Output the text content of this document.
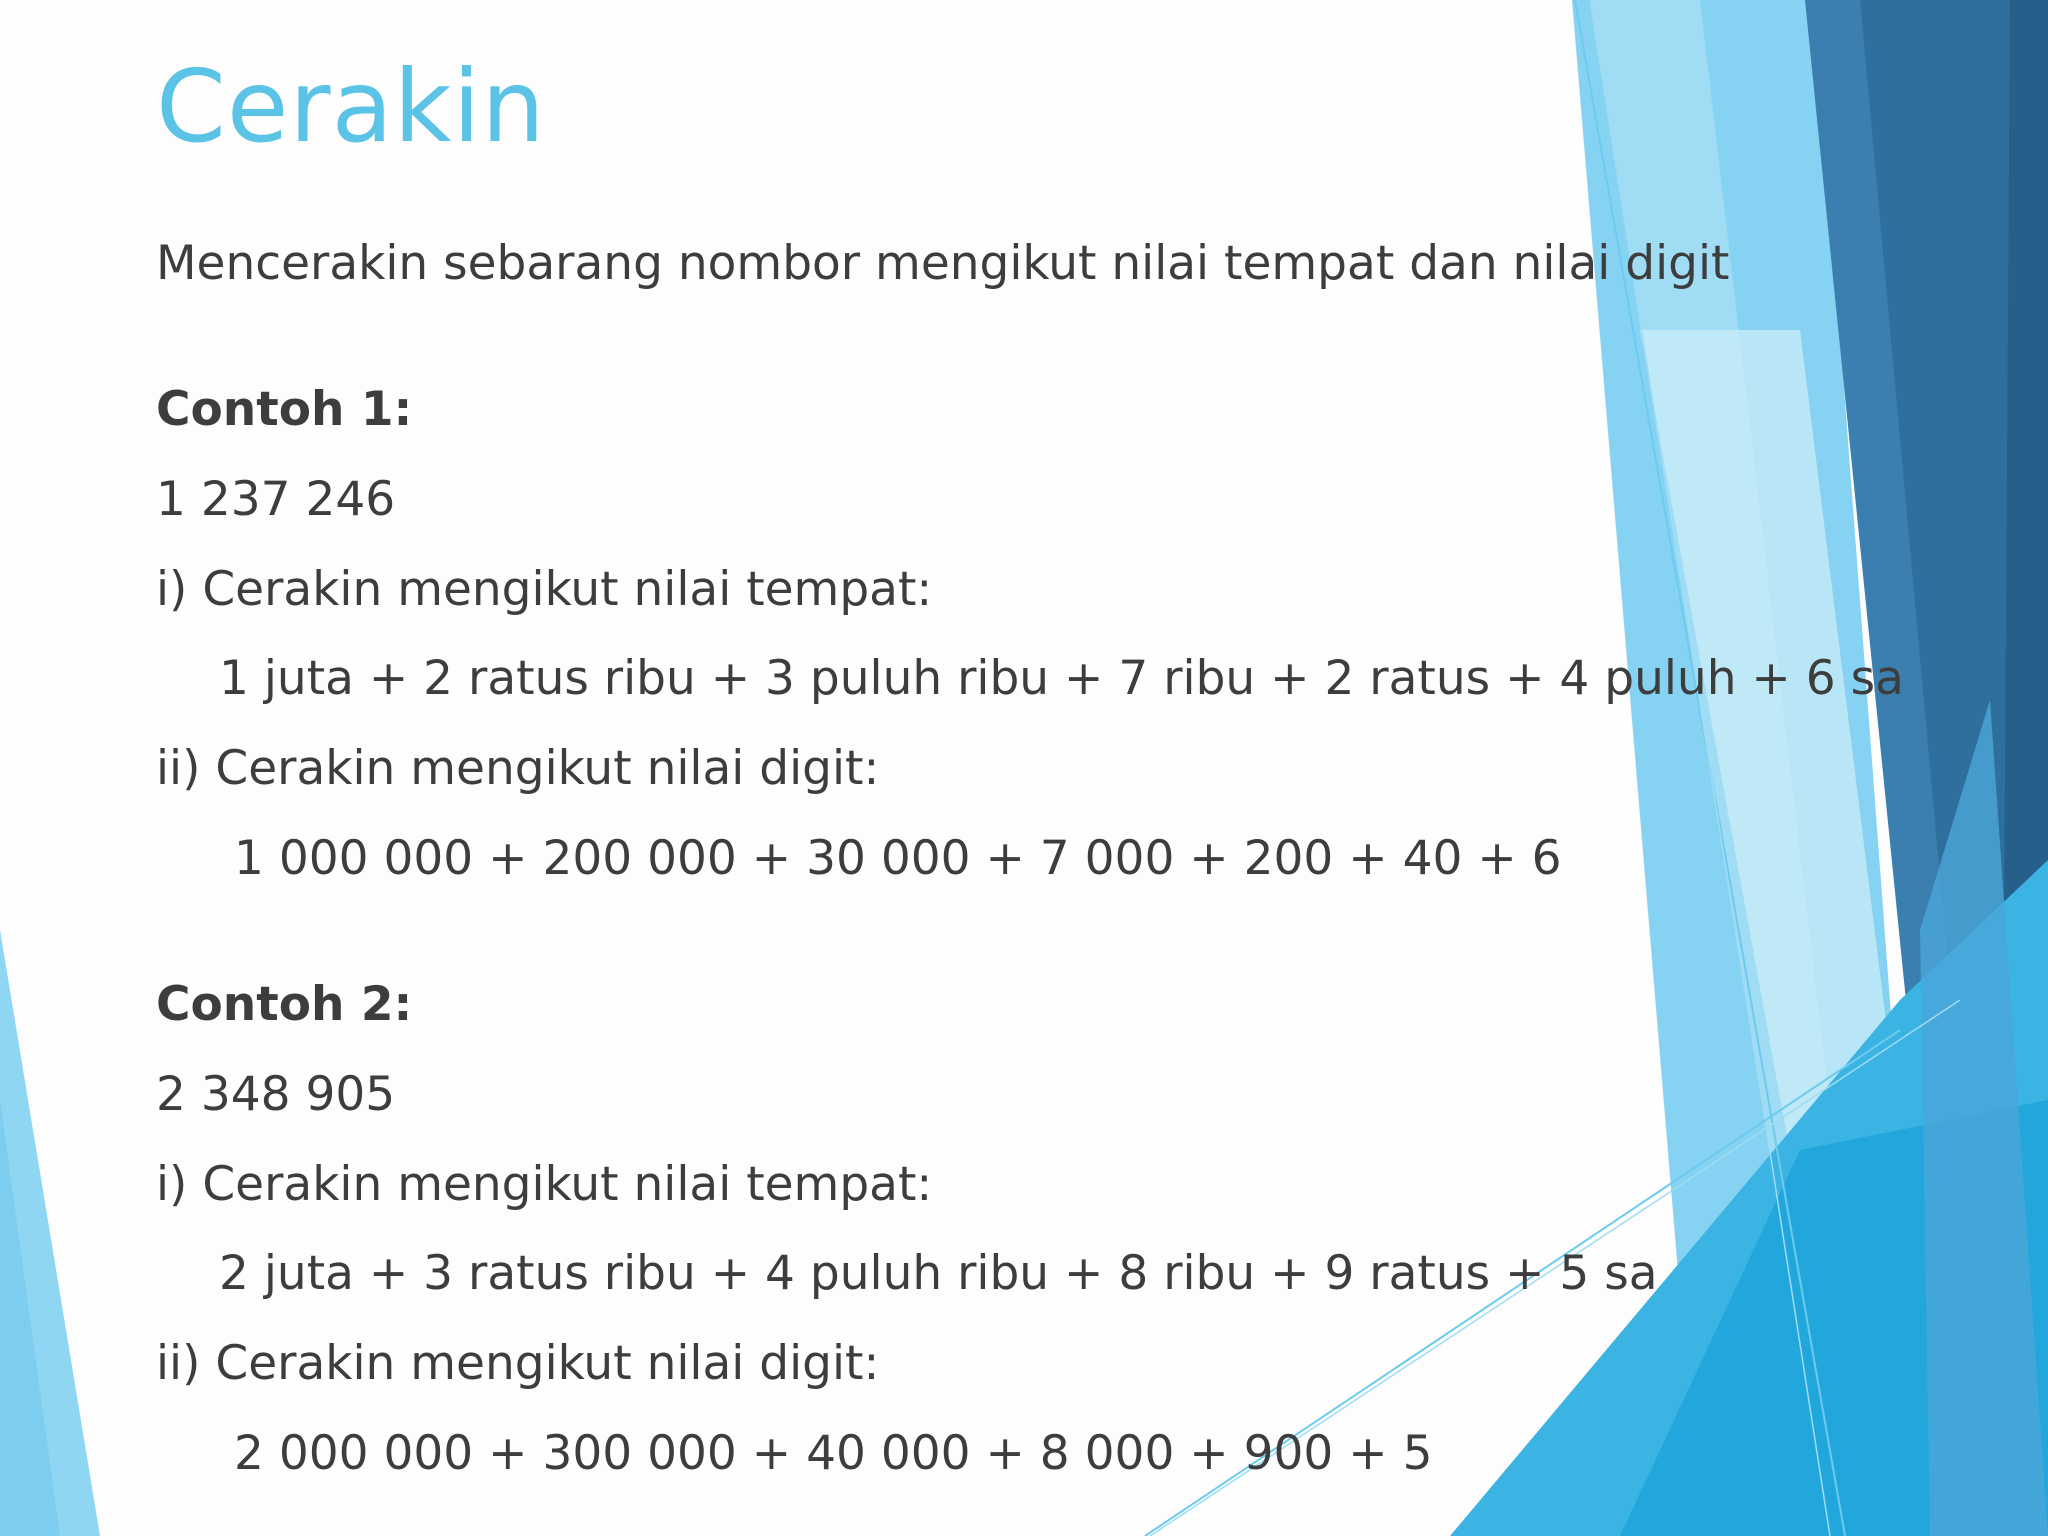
Cerakin

Mencerakin sebarang nombor mengikut nilai tempat dan nilai digit

Contoh 1:

1 237 246

i) Cerakin mengikut nilai tempat:

1 juta + 2 ratus ribu + 3 puluh ribu + 7 ribu + 2 ratus + 4 puluh + 6 sa

ii) Cerakin mengikut nilai digit:

1 000 000 + 200 000 + 30 000 + 7 000 + 200 + 40 + 6

Contoh 2:

2 348 905

i) Cerakin mengikut nilai tempat:

2 juta + 3 ratus ribu + 4 puluh ribu + 8 ribu + 9 ratus + 5 sa

ii) Cerakin mengikut nilai digit:

2 000 000 + 300 000 + 40 000 + 8 000 + 900 + 5
